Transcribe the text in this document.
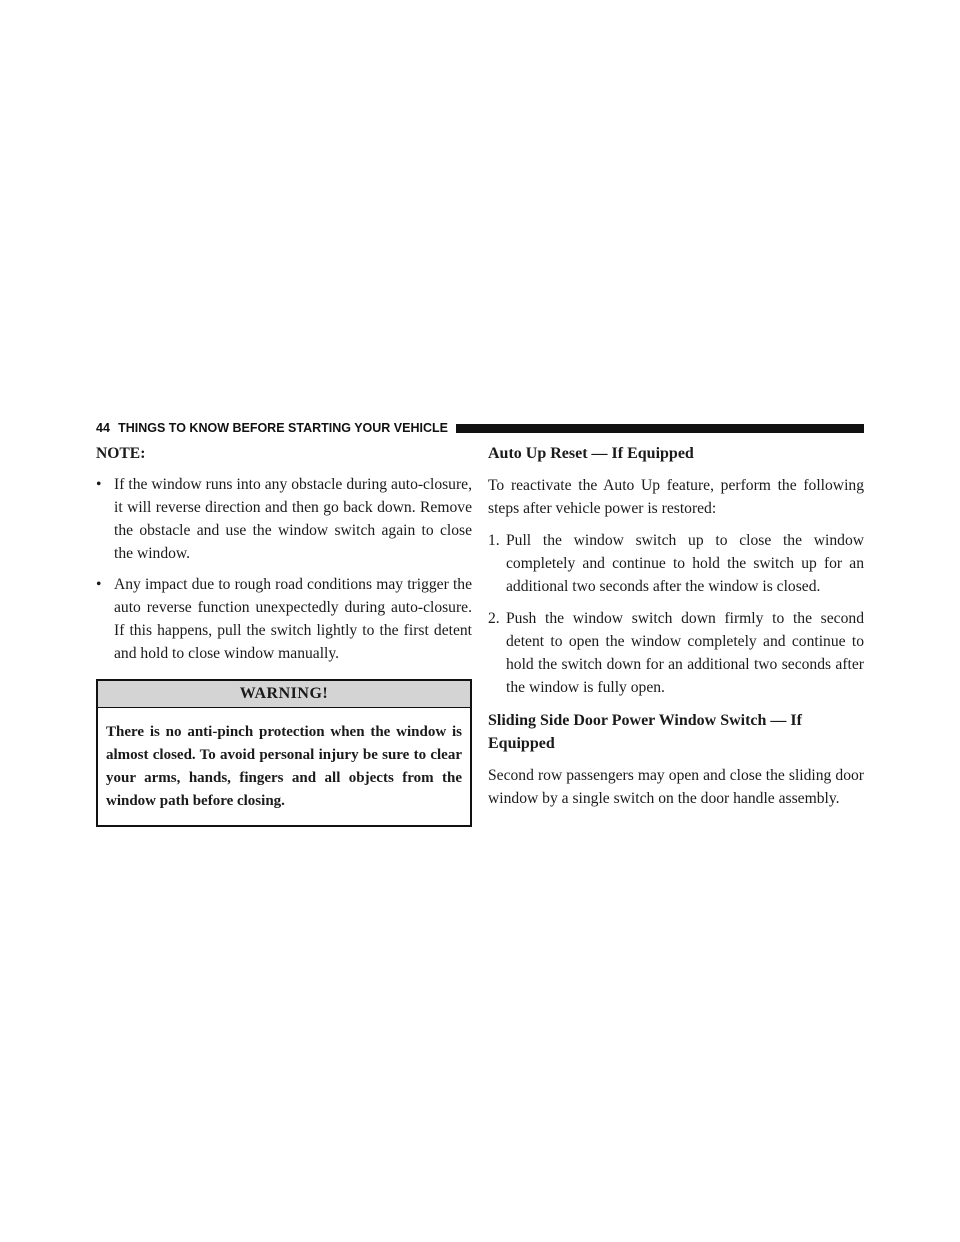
44 THINGS TO KNOW BEFORE STARTING YOUR VEHICLE

NOTE:

• If the window runs into any obstacle during auto-closure, it will reverse direction and then go back down. Remove the obstacle and use the window switch again to close the window.
• Any impact due to rough road conditions may trigger the auto reverse function unexpectedly during auto-closure. If this happens, pull the switch lightly to the first detent and hold to close window manually.
WARNING!
There is no anti-pinch protection when the window is almost closed. To avoid personal injury be sure to clear your arms, hands, fingers and all objects from the window path before closing.
Auto Up Reset — If Equipped

To reactivate the Auto Up feature, perform the following steps after vehicle power is restored:

1. Pull the window switch up to close the window completely and continue to hold the switch up for an additional two seconds after the window is closed.
2. Push the window switch down firmly to the second detent to open the window completely and continue to hold the switch down for an additional two seconds after the window is fully open.
Sliding Side Door Power Window Switch — If Equipped

Second row passengers may open and close the sliding door window by a single switch on the door handle assembly.
